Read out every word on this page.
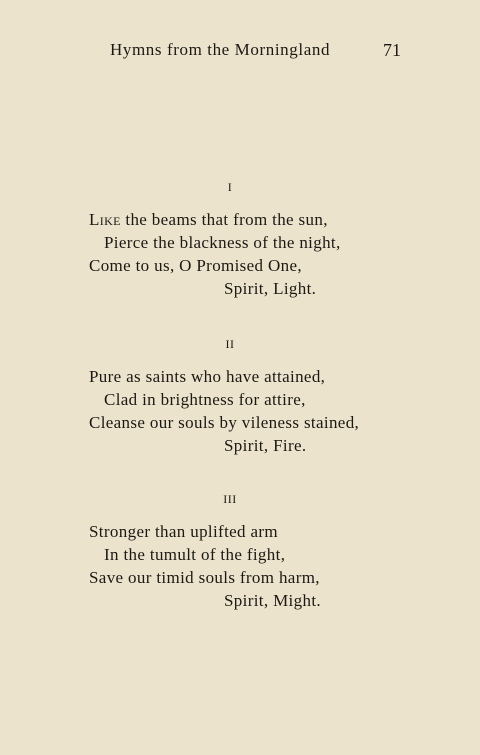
Hymns from the Morningland	71
I
Like the beams that from the sun,
Pierce the blackness of the night,
Come to us, O Promised One,
Spirit, Light.
II
Pure as saints who have attained,
Clad in brightness for attire,
Cleanse our souls by vileness stained,
Spirit, Fire.
III
Stronger than uplifted arm
In the tumult of the fight,
Save our timid souls from harm,
Spirit, Might.
